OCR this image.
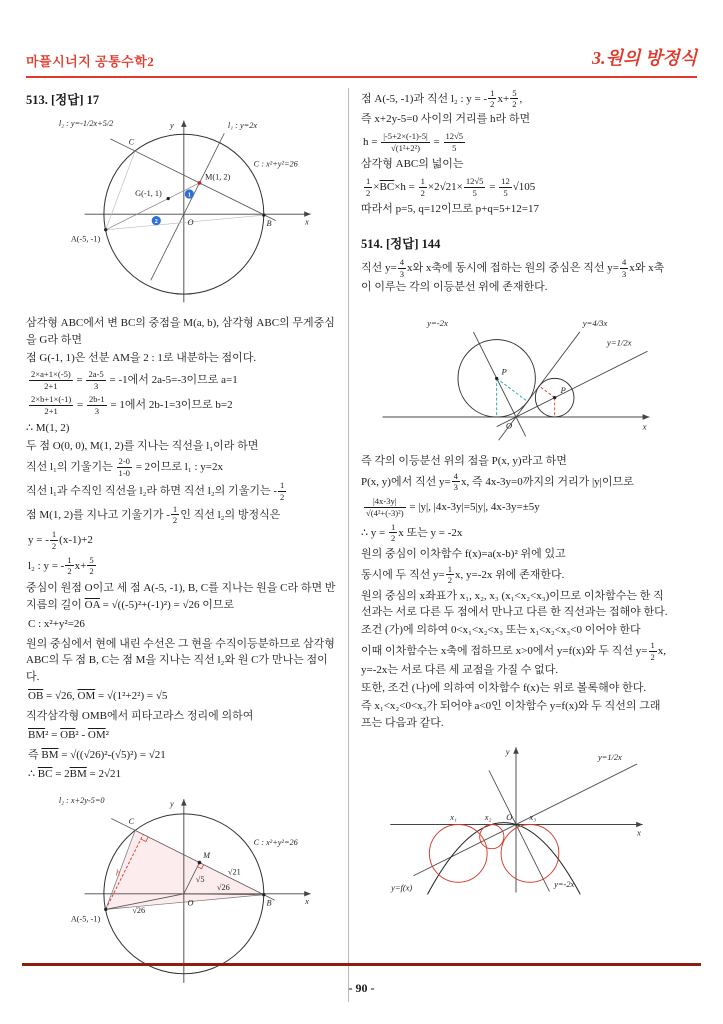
마플시너지 공통수학2	3.원의 방정식
513. [정답] 17
1
2
l₂ : y=-1/2x+5/2	l₁ : y=2x
C
C : x²+y²=26
G(-1, 1)
M(1, 2)
A(-5, -1)
B
O	x
y
삼각형 ABC에서 변 BC의 중점을 M(a, b), 삼각형 ABC의 무게중심을 G라 하면
점 G(-1, 1)은 선분 AM을 2 : 1로 내분하는 점이다.
$\frac{2\times a+1\times(-5)}{2+1} = \frac{2a-5}{3} = -1$에서 2a-5=-3이므로 a=1
$\frac{2\times b+1\times(-1)}{2+1} = \frac{2b-1}{3} = 1$에서 2b-1=3이므로 b=2
∴ M(1, 2)
두 점 O(0, 0), M(1, 2)를 지나는 직선을 l₁이라 하면
직선 l₁의 기울기는 $\frac{2-0}{1-0} = 2$이므로 l₁ : y=2x
직선 l₁과 수직인 직선을 l₂라 하면 직선 l₂의 기울기는 - $\frac{1}{2}$
점 M(1, 2)를 지나고 기울기가 - $\frac{1}{2}$ 인 직선 l₂의 방정식은
y = - $\frac{1}{2} (x-1)+2$
l₂ : y = - $\frac{1}{2} x+ \frac{5}{2}$
중심이 원점 O이고 세 점 A(-5, -1), B, C를 지나는 원을 C라 하면 반지름의 길이 $\overline{OA} = √((-5)^2+(-1)^2) = √26$ 이므로
C : x²+y²=26
원의 중심에서 현에 내린 수선은 그 현을 수직이등분하므로 삼각형 ABC의 두 점 B, C는 점 M을 지나는 직선 l₂와 원 C가 만나는 점이다.
$\overline{OB} = √26$, $\overline{OM} = √(1^2+2^2) = √5$
직각삼각형 OMB에서 피타고라스 정리에 의하여
$\overline{BM}^2 = \overline{OB}^2 - \overline{OM}^2$
즉 $\overline{BM} = √((√26)^2-(√5)^2) = √21$
∴ $\overline{BC} = 2\overline{BM} = 2√21$
l₂ : x+2y-5=0
C : x²+y²=26
C
M
A(-5, -1)
B
O	x
y
√21
√5
√26
√26
h
점 A(-5, -1)과 직선 l₂ : y = - $\frac{1}{2} x+ \frac{5}{2}$ ,
즉 x+2y-5=0 사이의 거리를 h라 하면
$h = \frac{|-5+2\times(-1)-5|}{\text{√(1²+2²)}} = \frac{12√5}{5}$
삼각형 ABC의 넓이는
$\frac{1}{2} \times\overline{BC}\times h = \frac{1}{2} \times 2√21\times \frac{12√5}{5} = \frac{12}{5} √105$
따라서 p=5, q=12이므로 p+q=5+12=17
514. [정답] 144
직선 $y= \frac{4}{3}$ x와 x축에 동시에 접하는 원의 중심은 직선 $y= \frac{4}{3}$ x와 x축이 이루는 각의 이등분선 위에 존재한다.
y=-2x	y=4/3x
y=1/2x
P
P
O	x
즉 각의 이등분선 위의 점을 P(x, y)라고 하면
P(x, y)에서 직선 $y= \frac{4}{3} x$, 즉 4x-3y=0까지의 거리가 |y|이므로
$\frac{|4x-3y|}{\text{√(4²+(-3)²)}} = |y|$, |4x-3y|=5|y|, 4x-3y=±5y
∴ $y = \frac{1}{2}$ x 또는 y = -2x
원의 중심이 이차함수 f(x)=a(x-b)² 위에 있고
동시에 두 직선 $y= \frac{1}{2} x$, y=-2x 위에 존재한다.
원의 중심의 x좌표가 x₁, x₂, x₃ (x₁<x₂<x₃)이므로 이차함수는 한 직선과는 서로 다른 두 점에서 만나고 다른 한 직선과는 접해야 한다.
조건 (가)에 의하여 0<x₁<x₂<x₃ 또는 x₁<x₂<x₃<0 이어야 한다
이때 이차함수는 x축에 접하므로 x>0에서 y=f(x)와 두 직선 $y= \frac{1}{2} x$, y=-2x는 서로 다른 세 교점을 가질 수 없다.
또한, 조건 (나)에 의하여 이차함수 f(x)는 위로 볼록해야 한다.
즉 x₁<x₂<0<x₃가 되어야 a<0인 이차함수 y=f(x)와 두 직선의 그래프는 다음과 같다.
y=f(x)	y=-2x
y=1/2x
x₁	x₂	x₃
O
x
y
- 90 -
